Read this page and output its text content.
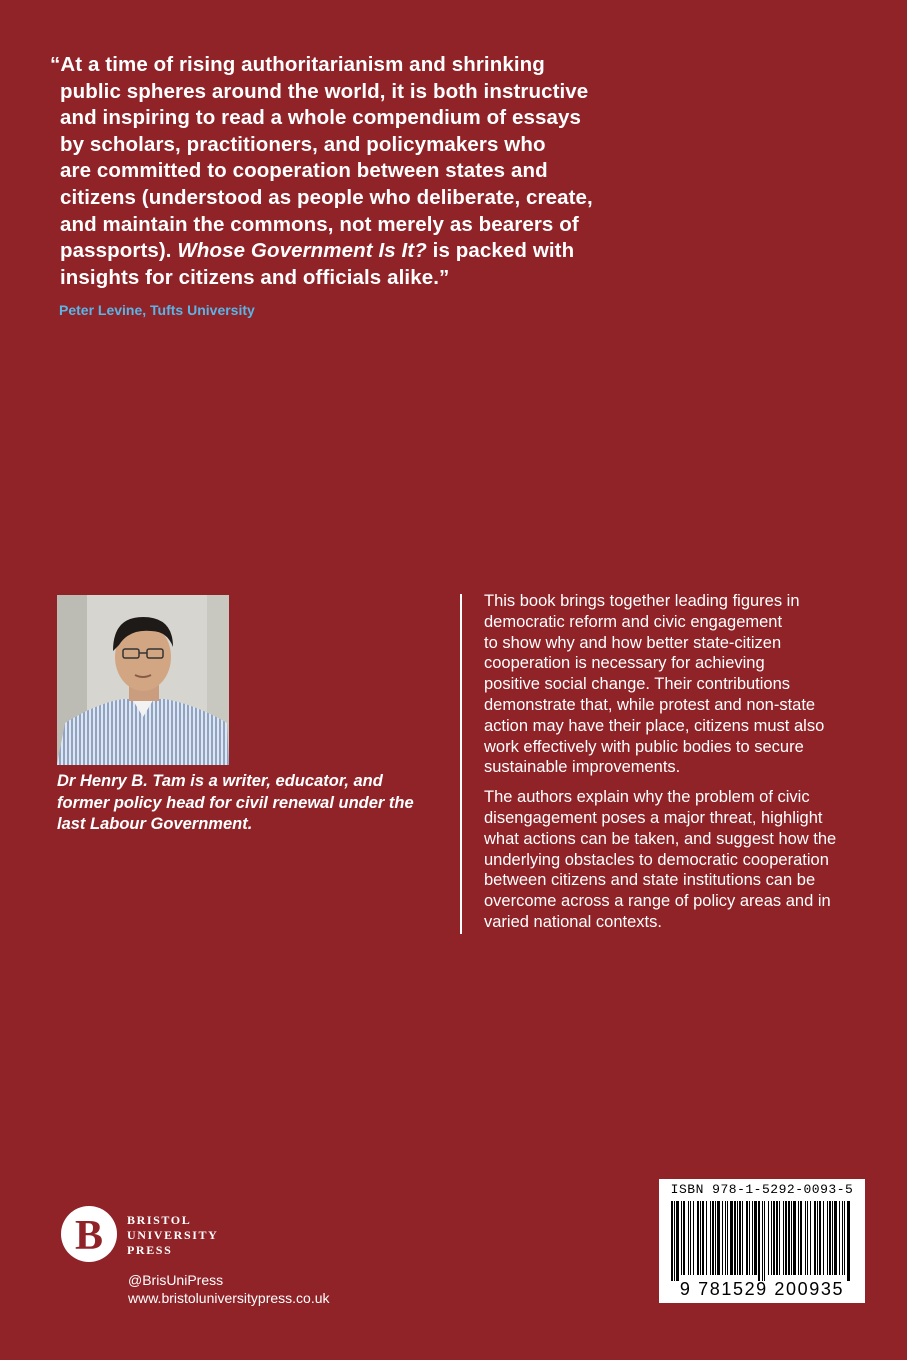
“At a time of rising authoritarianism and shrinking
public spheres around the world, it is both instructive
and inspiring to read a whole compendium of essays
by scholars, practitioners, and policymakers who
are committed to cooperation between states and
citizens (understood as people who deliberate, create,
and maintain the commons, not merely as bearers of
passports). Whose Government Is It? is packed with
insights for citizens and officials alike.”
Peter Levine, Tufts University
Dr Henry B. Tam is a writer, educator, and
former policy head for civil renewal under the
last Labour Government.

This book brings together leading figures in
democratic reform and civic engagement
to show why and how better state-citizen
cooperation is necessary for achieving
positive social change. Their contributions
demonstrate that, while protest and non-state
action may have their place, citizens must also
work effectively with public bodies to secure
sustainable improvements.

The authors explain why the problem of civic
disengagement poses a major threat, highlight
what actions can be taken, and suggest how the
underlying obstacles to democratic cooperation
between citizens and state institutions can be
overcome across a range of policy areas and in
varied national contexts.

B BRISTOL
UNIVERSITY
PRESS
@BrisUniPress
www.bristoluniversitypress.co.uk
ISBN 978-1-5292-0093-5
9 781529 200935
